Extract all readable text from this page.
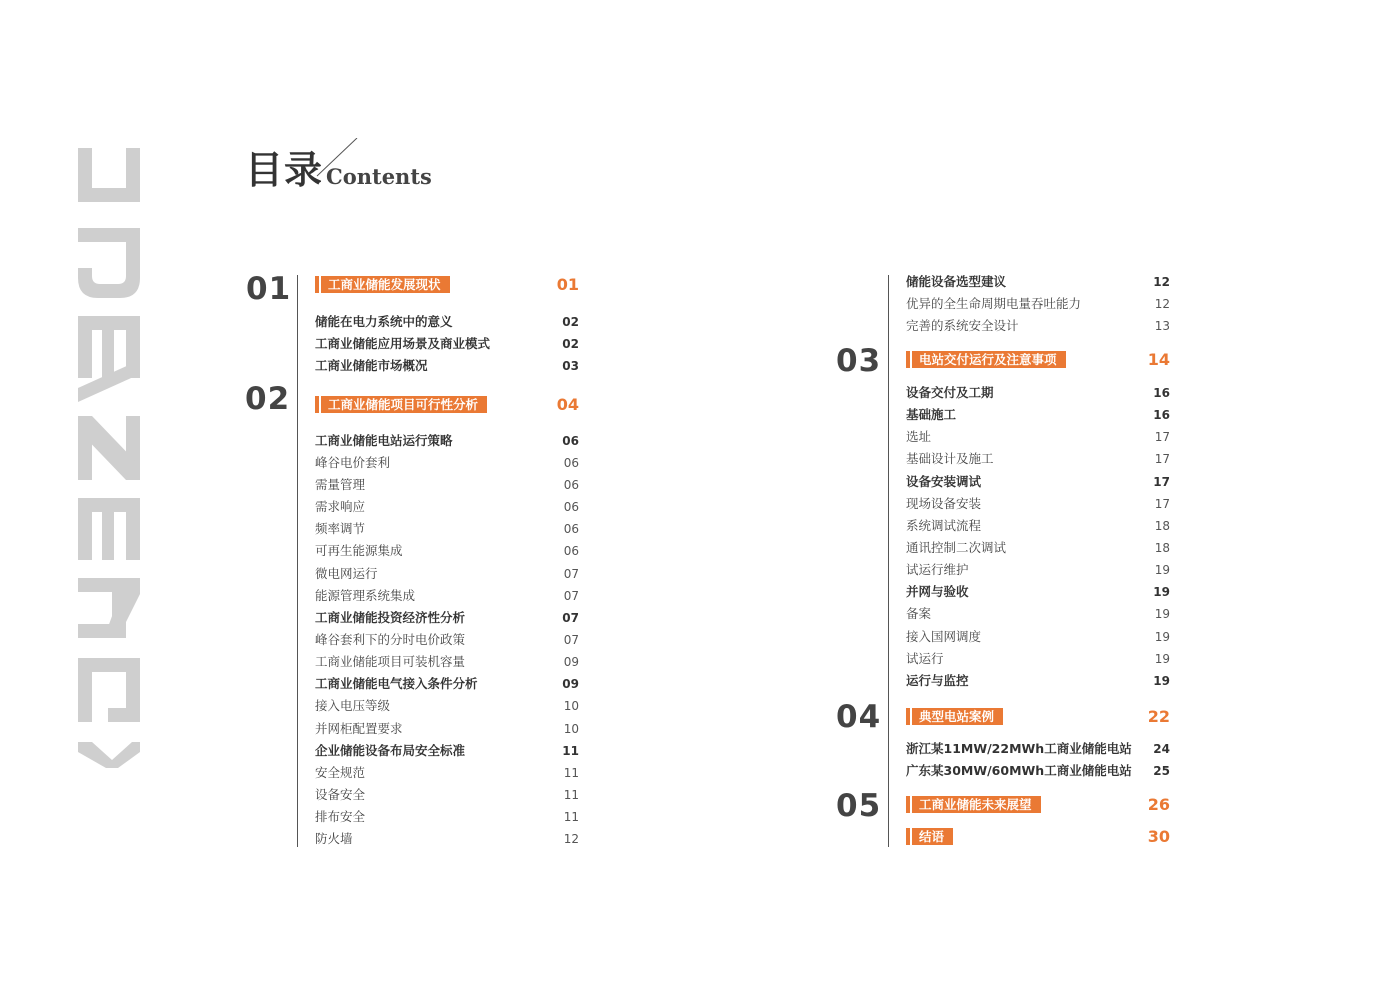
目录 Contents
01	工商业储能发展现状	01
储能在电力系统中的意义	02
工商业储能应用场景及商业模式	02
工商业储能市场概况	03
02	工商业储能项目可行性分析	04
工商业储能电站运行策略	06
峰谷电价套利	06
需量管理	06
需求响应	06
频率调节	06
可再生能源集成	06
微电网运行	07
能源管理系统集成	07
工商业储能投资经济性分析	07
峰谷套利下的分时电价政策	07
工商业储能项目可装机容量	09
工商业储能电气接入条件分析	09
接入电压等级	10
并网柜配置要求	10
企业储能设备布局安全标准	11
安全规范	11
设备安全	11
排布安全	11
防火墙	12
储能设备选型建议	12
优异的全生命周期电量吞吐能力	12
完善的系统安全设计	13
03	电站交付运行及注意事项	14
设备交付及工期	16
基础施工	16
选址	17
基础设计及施工	17
设备安装调试	17
现场设备安装	17
系统调试流程	18
通讯控制二次调试	18
试运行维护	19
并网与验收	19
备案	19
接入国网调度	19
试运行	19
运行与监控	19
04	典型电站案例	22
浙江某11MW/22MWh工商业储能电站 24
广东某30MW/60MWh工商业储能电站 25
05	工商业储能未来展望	26
结语	30
